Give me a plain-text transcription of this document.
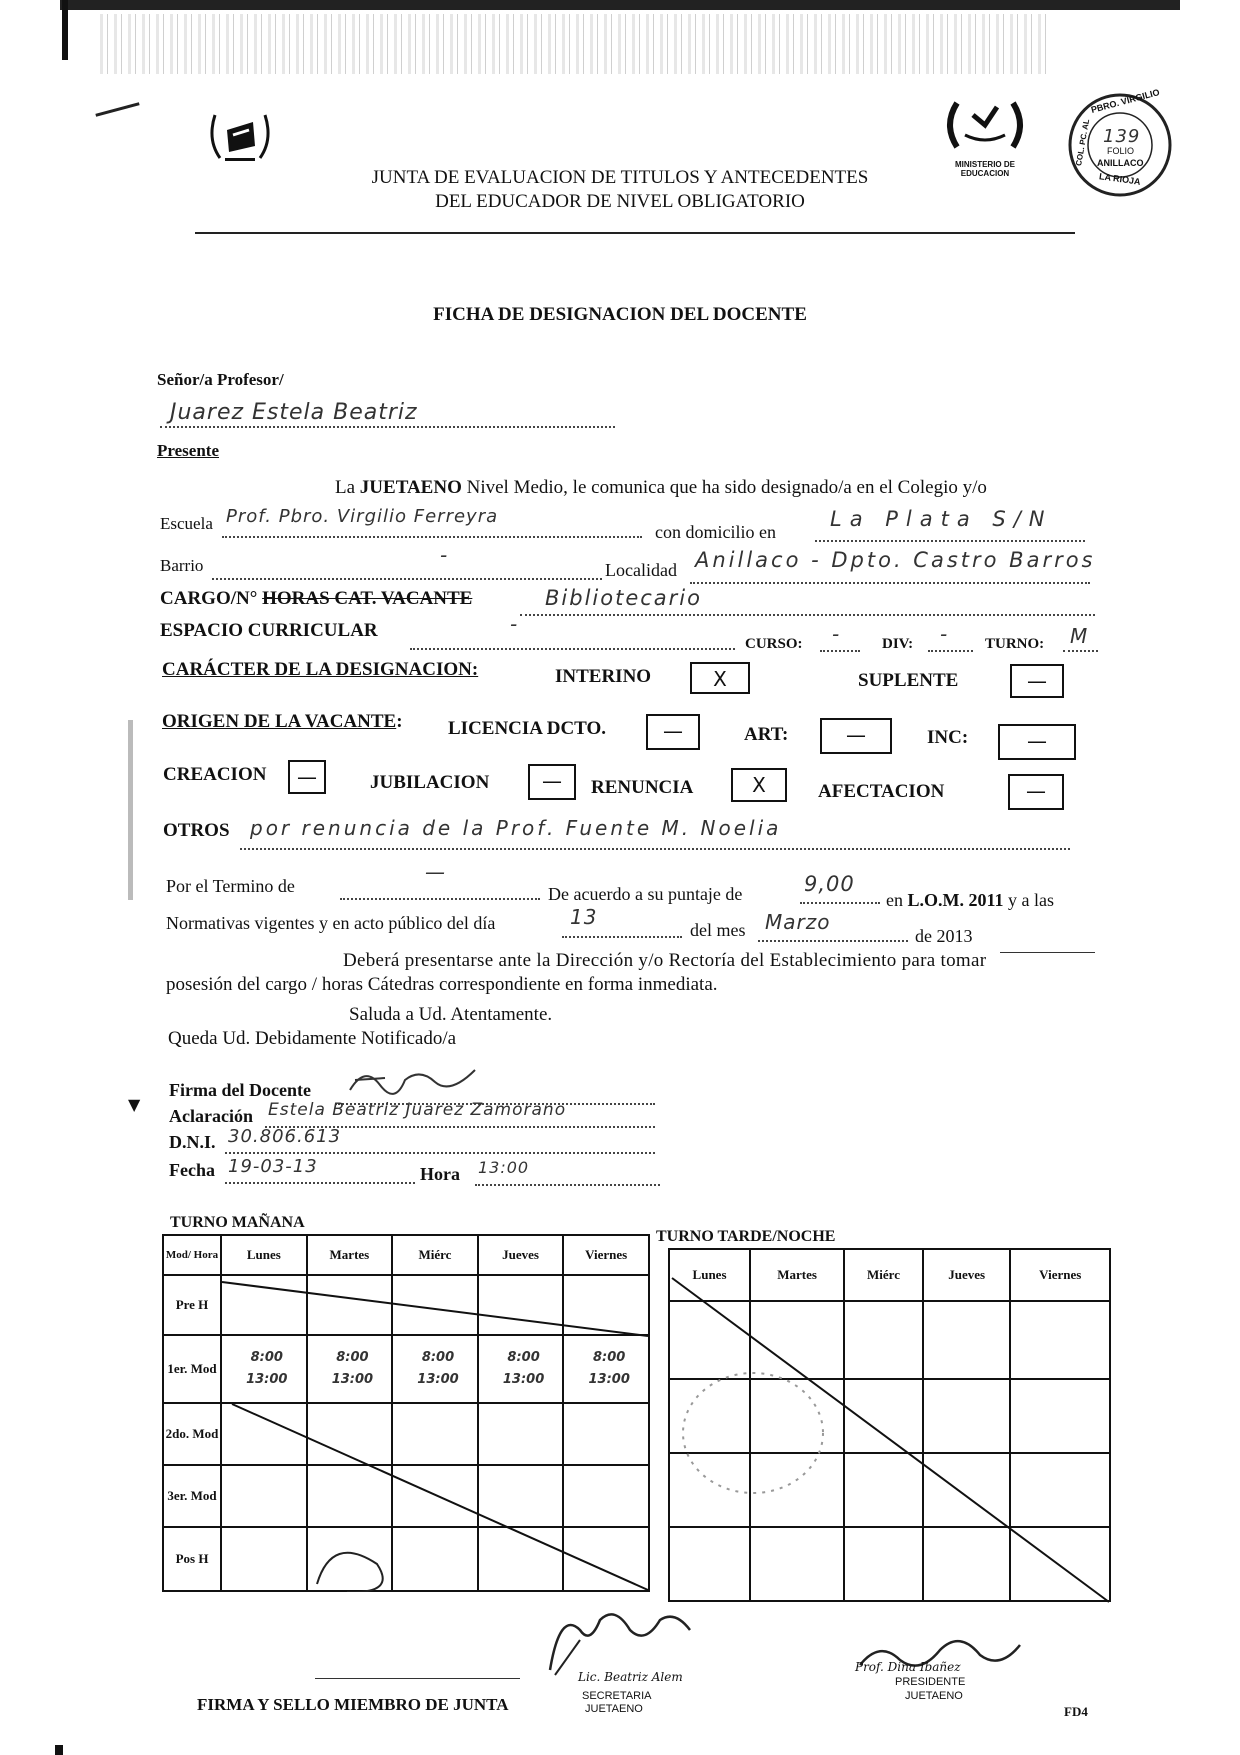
JUNTA DE EVALUACION DE TITULOS Y ANTECEDENTES
DEL EDUCADOR DE NIVEL OBLIGATORIO
MINISTERIO DE EDUCACION
PBRO. VIRGILIO
COL. PC. AL 139
FOLIO
ANILLACO
LA RIOJA
FICHA DE DESIGNACION DEL DOCENTE
Señor/a Profesor/
Juarez Estela Beatriz
Presente
La JUETAENO Nivel Medio, le comunica que ha sido designado/a en el Colegio y/o
Escuela Prof. Pbro. Virgilio Ferreyra
con domicilio en
La Plata S/N
Barrio	-
Localidad Anillaco - Dpto. Castro Barros
CARGO/N° HORAS CAT. VACANTE	Bibliotecario
ESPACIO CURRICULAR	-
CURSO: -	DIV: - TURNO: M
CARÁCTER DE LA DESIGNACION:	INTERINO	X	SUPLENTE	—
ORIGEN DE LA VACANTE: LICENCIA DCTO.	—	ART:	—	INC:	—
CREACION	—	JUBILACION	—	RENUNCIA	X	AFECTACION	—
OTROS por renuncia de la Prof. Fuente M. Noelia
Por el Termino de
—
De acuerdo a su puntaje de	9,00
en L.O.M. 2011 y a las
Normativas vigentes y en acto público del día	13
del mes Marzo
de 2013
Deberá presentarse ante la Dirección y/o Rectoría del Establecimiento para tomar
posesión del cargo / horas Cátedras correspondiente en forma inmediata.
Saluda a Ud. Atentamente.
Queda Ud. Debidamente Notificado/a
Firma del Docente
Aclaración Estela Beatriz Juarez Zamorano
D.N.I. 30.806.613
Fecha 19-03-13	Hora 13:00
TURNO MAÑANA
Mod/ Hora	Lunes	Martes	Miérc	Jueves	Viernes
Pre H					
1er. Mod	8:00 13:00	8:00 13:00	8:00 13:00	8:00 13:00	8:00 13:00
2do. Mod					
3er. Mod					
Pos H					
TURNO TARDE/NOCHE
Lunes	Martes	Miérc	Jueves	Viernes

Lic. Beatriz Alem
SECRETARIA
JUETAENO
FIRMA Y SELLO MIEMBRO DE JUNTA
Prof. Dina Ibañez
PRESIDENTE
JUETAENO
FD4
▼
